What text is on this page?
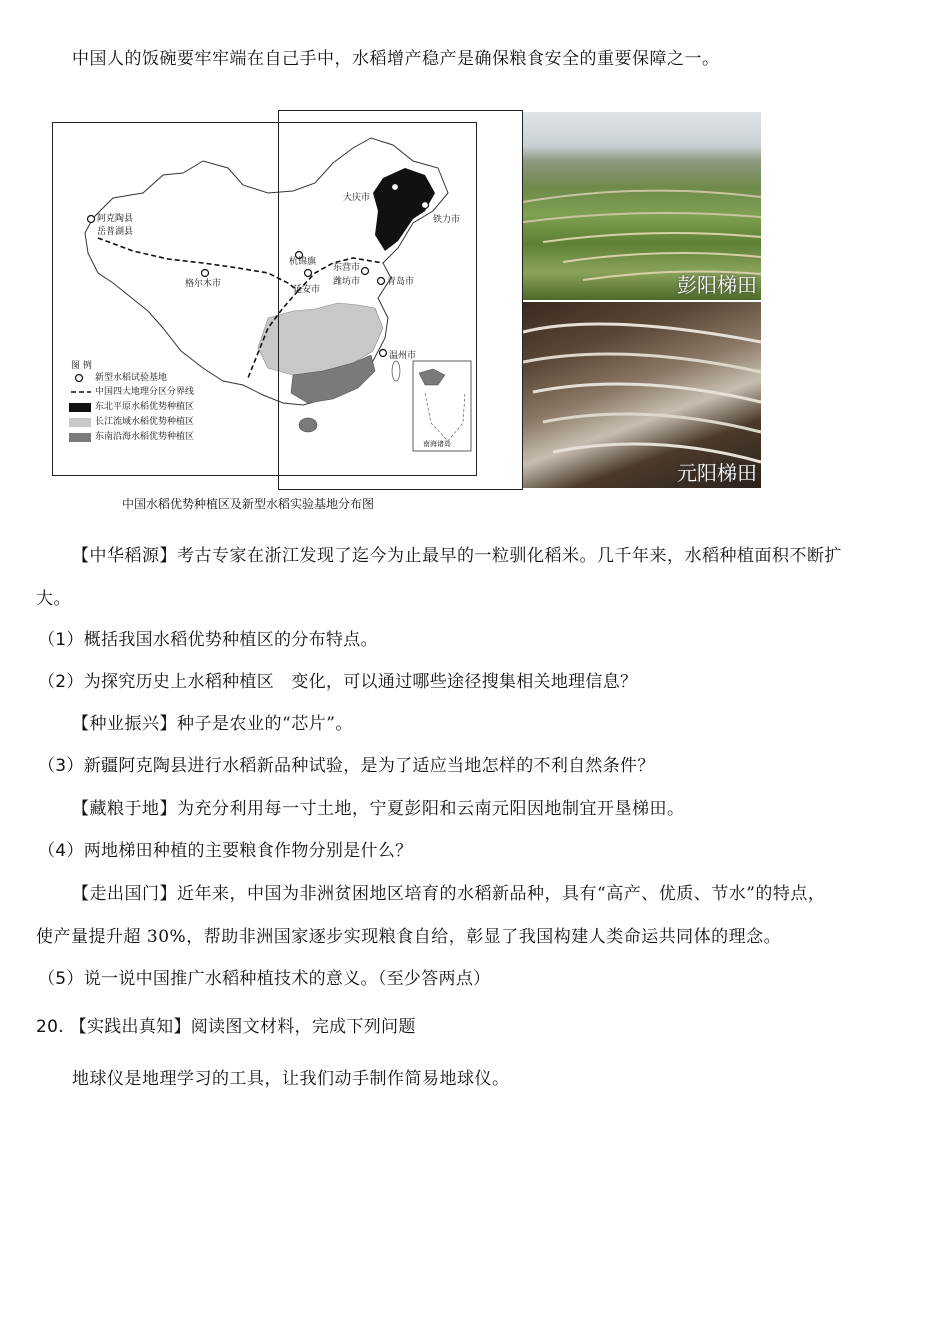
中国人的饭碗要牢牢端在自己手中，水稻增产稳产是确保粮食安全的重要保障之一。
阿克陶县
岳普湖县
格尔木市
杭锦旗
延安市
东营市
潍坊市	青岛市
大庆市
铁力市
温州市
南海诸岛
图 例
新型水稻试验基地
中国四大地理分区分界线
东北平原水稻优势种植区
长江流域水稻优势种植区
东南沿海水稻优势种植区
彭阳梯田
元阳梯田
中国水稻优势种植区及新型水稻实验基地分布图
【中华稻源】考古专家在浙江发现了迄今为止最早的一粒驯化稻米。几千年来，水稻种植面积不断扩
大。
（1）概括我国水稻优势种植区的分布特点。
（2）为探究历史上水稻种植区　变化，可以通过哪些途径搜集相关地理信息？
【种业振兴】种子是农业的“芯片”。
（3）新疆阿克陶县进行水稻新品种试验，是为了适应当地怎样的不利自然条件？
【藏粮于地】为充分利用每一寸土地，宁夏彭阳和云南元阳因地制宜开垦梯田。
（4）两地梯田种植的主要粮食作物分别是什么？
【走出国门】近年来，中国为非洲贫困地区培育的水稻新品种，具有“高产、优质、节水”的特点，
使产量提升超 30%，帮助非洲国家逐步实现粮食自给，彰显了我国构建人类命运共同体的理念。
（5）说一说中国推广水稻种植技术的意义。（至少答两点）
20. 【实践出真知】阅读图文材料，完成下列问题
地球仪是地理学习的工具，让我们动手制作简易地球仪。
